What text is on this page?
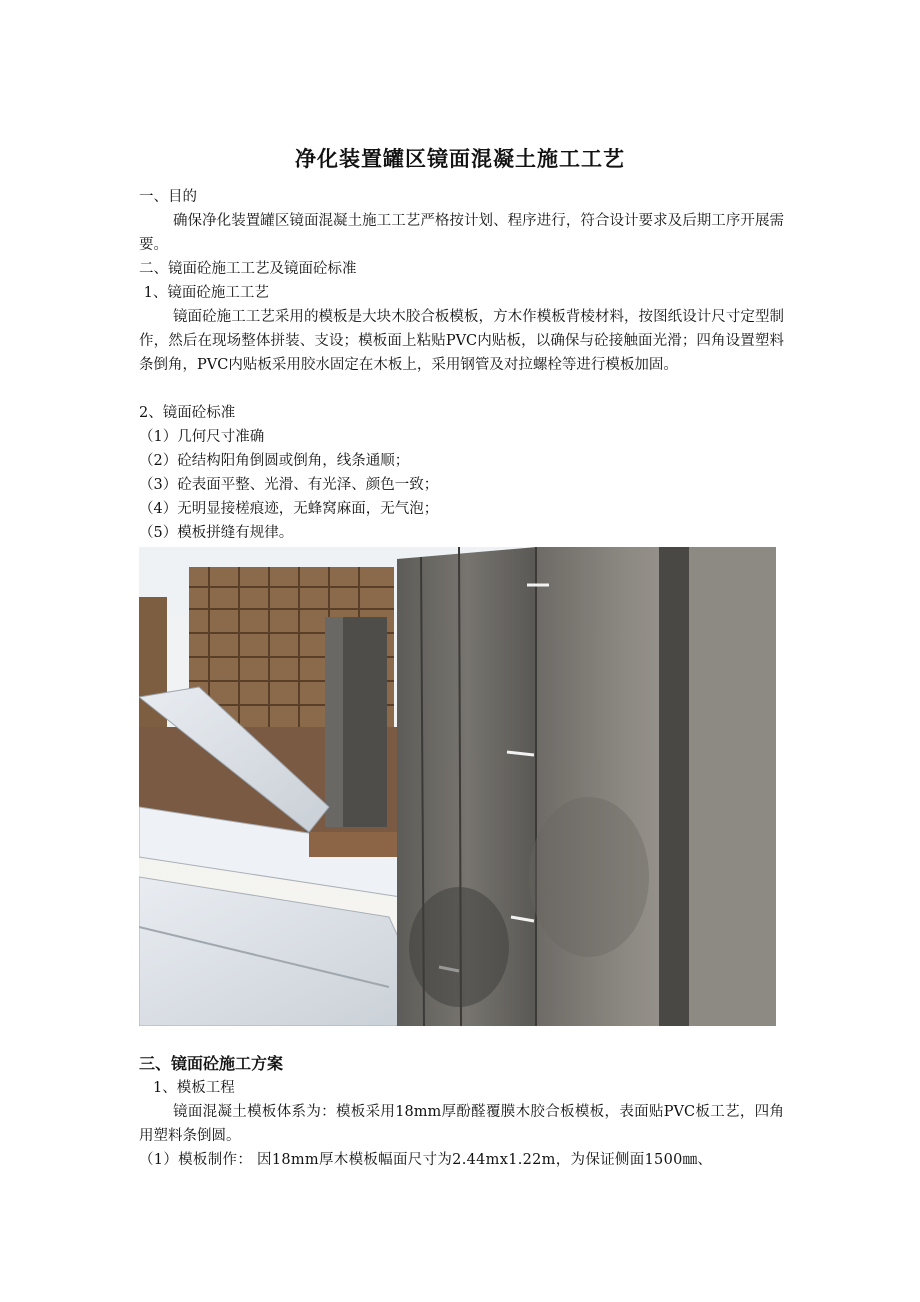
净化装置罐区镜面混凝土施工工艺
一、目的
确保净化装置罐区镜面混凝土施工工艺严格按计划、程序进行，符合设计要求及后期工序开展需要。
二、镜面砼施工工艺及镜面砼标准
1、镜面砼施工工艺
镜面砼施工工艺采用的模板是大块木胶合板模板，方木作模板背棱材料，按图纸设计尺寸定型制作，然后在现场整体拼装、支设；模板面上粘贴PVC内贴板，以确保与砼接触面光滑；四角设置塑料条倒角，PVC内贴板采用胶水固定在木板上，采用钢管及对拉螺栓等进行模板加固。
2、镜面砼标准
（1）几何尺寸准确
（2）砼结构阳角倒圆或倒角，线条通顺；
（3）砼表面平整、光滑、有光泽、颜色一致；
（4）无明显接槎痕迹，无蜂窝麻面，无气泡；
（5）模板拼缝有规律。
三、镜面砼施工方案
1、模板工程
镜面混凝土模板体系为：模板采用18mm厚酚醛覆膜木胶合板模板，表面贴PVC板工艺，四角用塑料条倒圆。
（1）模板制作： 因18mm厚木模板幅面尺寸为2.44mx1.22m，为保证侧面1500㎜、
